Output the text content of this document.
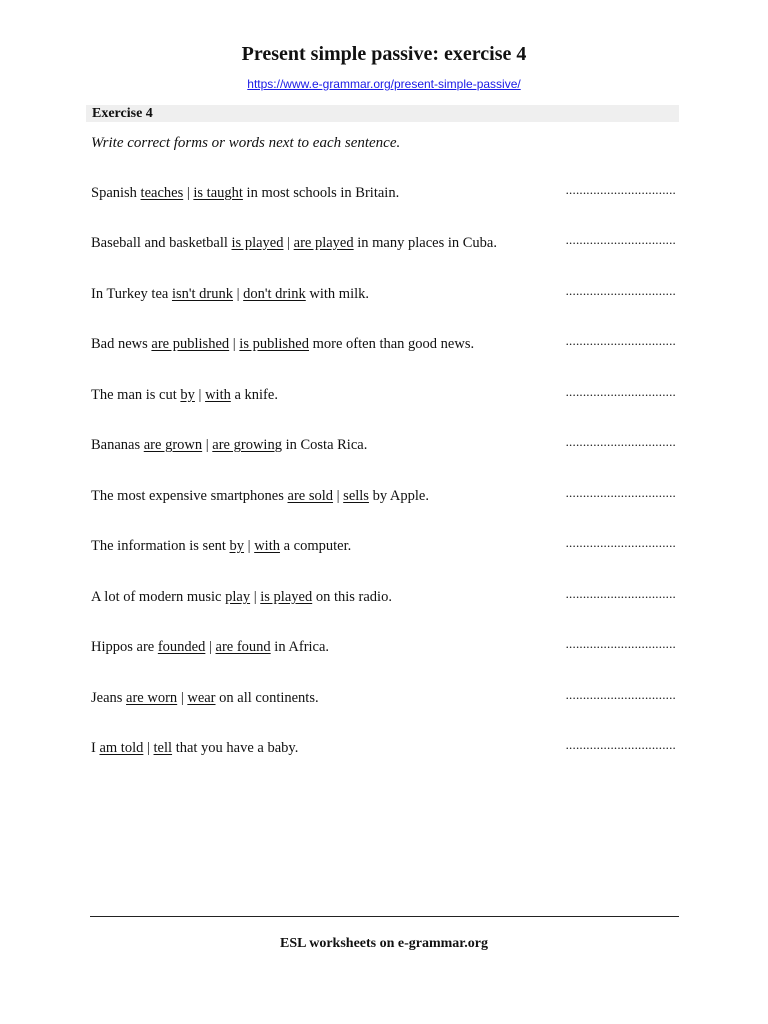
Present simple passive: exercise 4
https://www.e-grammar.org/present-simple-passive/
Exercise 4
Write correct forms or words next to each sentence.
Spanish teaches | is taught in most schools in Britain.	................................
Baseball and basketball is played | are played in many places in Cuba.	................................
In Turkey tea isn't drunk | don't drink with milk.	................................
Bad news are published | is published more often than good news.	................................
The man is cut by | with a knife.	................................
Bananas are grown | are growing in Costa Rica.	................................
The most expensive smartphones are sold | sells by Apple.	................................
The information is sent by | with a computer.	................................
A lot of modern music play | is played on this radio.	................................
Hippos are founded | are found in Africa.	................................
Jeans are worn | wear on all continents.	................................
I am told | tell that you have a baby.	................................
ESL worksheets on e-grammar.org
